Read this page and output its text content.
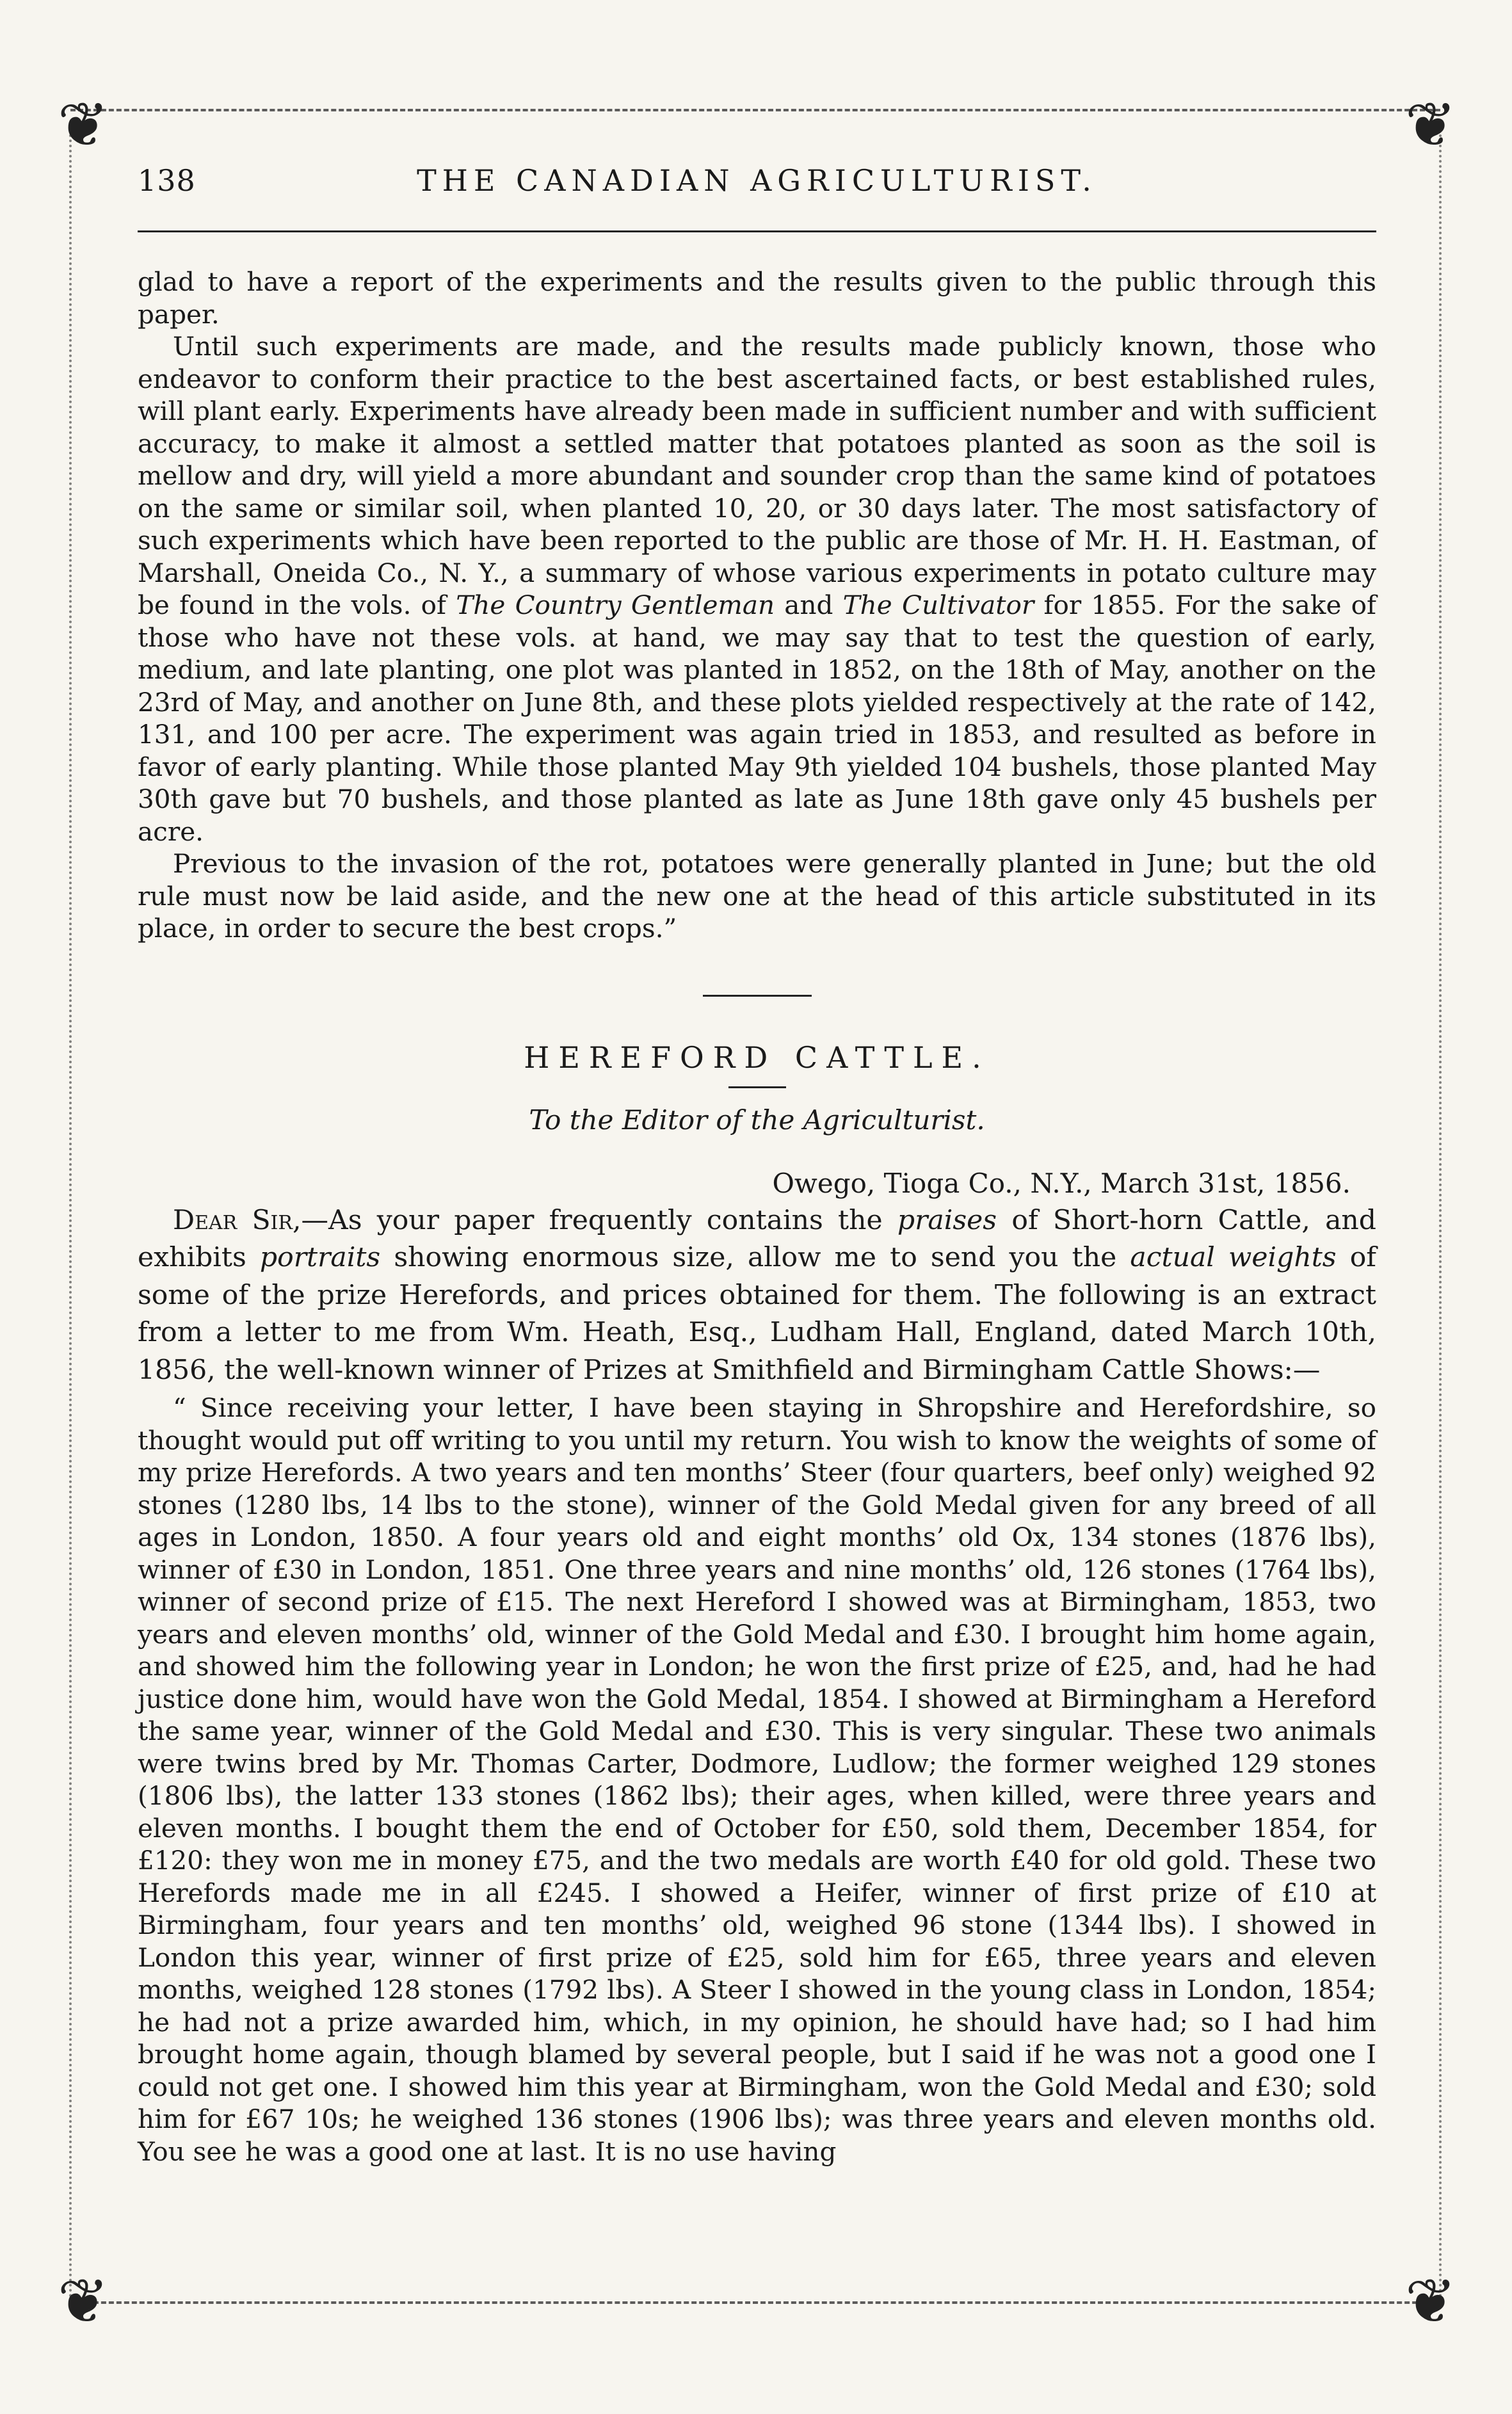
❦	❦
❦	❦
THE CANADIAN AGRICULTURIST.
138

glad to have a report of the experiments and the results given to the public through this paper.

Until such experiments are made, and the results made publicly known, those who endeavor to conform their practice to the best ascertained facts, or best established rules, will plant early. Experiments have already been made in sufficient number and with sufficient accuracy, to make it almost a settled matter that potatoes planted as soon as the soil is mellow and dry, will yield a more abundant and sounder crop than the same kind of potatoes on the same or similar soil, when planted 10, 20, or 30 days later. The most satisfactory of such experiments which have been reported to the public are those of Mr. H. H. Eastman, of Marshall, Oneida Co., N. Y., a summary of whose various experiments in potato culture may be found in the vols. of The Country Gentleman and The Cultivator for 1855. For the sake of those who have not these vols. at hand, we may say that to test the question of early, medium, and late planting, one plot was planted in 1852, on the 18th of May, another on the 23rd of May, and another on June 8th, and these plots yielded respectively at the rate of 142, 131, and 100 per acre. The experiment was again tried in 1853, and resulted as before in favor of early planting. While those planted May 9th yielded 104 bushels, those planted May 30th gave but 70 bushels, and those planted as late as June 18th gave only 45 bushels per acre.

Previous to the invasion of the rot, potatoes were generally planted in June; but the old rule must now be laid aside, and the new one at the head of this article substituted in its place, in order to secure the best crops.”

HEREFORD CATTLE.
To the Editor of the Agriculturist.
Owego, Tioga Co., N.Y., March 31st, 1856.

Dear Sir,—As your paper frequently contains the praises of Short-horn Cattle, and exhibits portraits showing enormous size, allow me to send you the actual weights of some of the prize Herefords, and prices obtained for them. The following is an extract from a letter to me from Wm. Heath, Esq., Ludham Hall, England, dated March 10th, 1856, the well-known winner of Prizes at Smithfield and Birmingham Cattle Shows:—

“ Since receiving your letter, I have been staying in Shropshire and Herefordshire, so thought would put off writing to you until my return. You wish to know the weights of some of my prize Herefords. A two years and ten months’ Steer (four quarters, beef only) weighed 92 stones (1280 lbs, 14 lbs to the stone), winner of the Gold Medal given for any breed of all ages in London, 1850. A four years old and eight months’ old Ox, 134 stones (1876 lbs), winner of £30 in London, 1851. One three years and nine months’ old, 126 stones (1764 lbs), winner of second prize of £15. The next Hereford I showed was at Birmingham, 1853, two years and eleven months’ old, winner of the Gold Medal and £30. I brought him home again, and showed him the following year in London; he won the first prize of £25, and, had he had justice done him, would have won the Gold Medal, 1854. I showed at Birmingham a Hereford the same year, winner of the Gold Medal and £30. This is very singular. These two animals were twins bred by Mr. Thomas Carter, Dodmore, Ludlow; the former weighed 129 stones (1806 lbs), the latter 133 stones (1862 lbs); their ages, when killed, were three years and eleven months. I bought them the end of October for £50, sold them, December 1854, for £120: they won me in money £75, and the two medals are worth £40 for old gold. These two Herefords made me in all £245. I showed a Heifer, winner of first prize of £10 at Birmingham, four years and ten months’ old, weighed 96 stone (1344 lbs). I showed in London this year, winner of first prize of £25, sold him for £65, three years and eleven months, weighed 128 stones (1792 lbs). A Steer I showed in the young class in London, 1854; he had not a prize awarded him, which, in my opinion, he should have had; so I had him brought home again, though blamed by several people, but I said if he was not a good one I could not get one. I showed him this year at Birmingham, won the Gold Medal and £30; sold him for £67 10s; he weighed 136 stones (1906 lbs); was three years and eleven months old. You see he was a good one at last. It is no use having
